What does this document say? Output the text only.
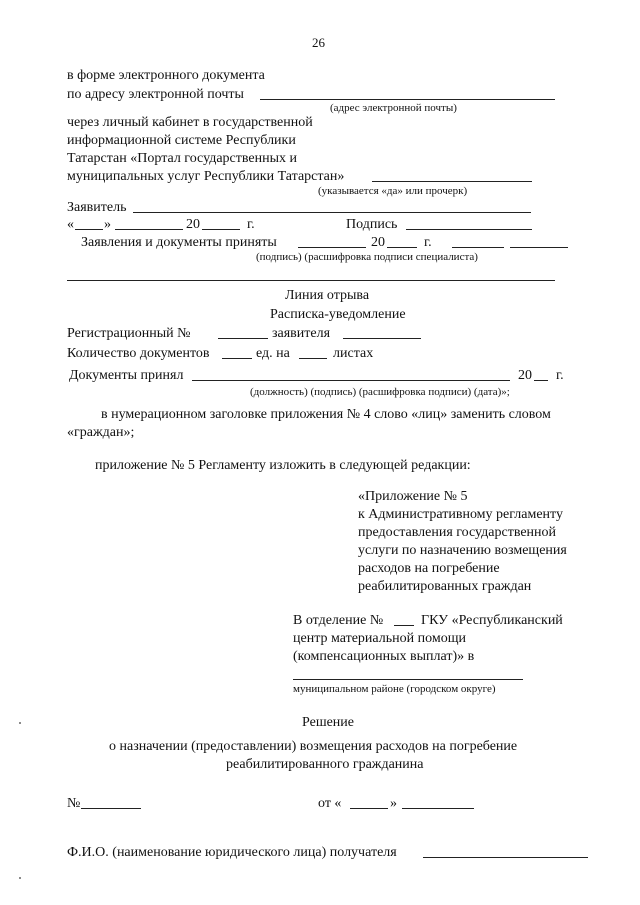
26
в форме электронного документа
по адресу электронной почты
(адрес электронной почты)
через личный кабинет в государственной
информационной системе Республики
Татарстан «Портал государственных и
муниципальных услуг Республики Татарстан»
(указывается «да» или прочерк)
Заявитель
« »	20	г.	Подпись
Заявления и документы приняты	20	г.
(подпись) (расшифровка подписи специалиста)
Линия отрыва
Расписка-уведомление
Регистрационный №	заявителя
Количество документов	ед. на	листах
Документы принял	20 г.
(должность) (подпись) (расшифровка подписи) (дата)»;
в нумерационном заголовке приложения № 4 слово «лиц» заменить словом
«граждан»;
приложение № 5 Регламенту изложить в следующей редакции:
«Приложение № 5
к Административному регламенту
предоставления государственной
услуги по назначению возмещения
расходов на погребение
реабилитированных граждан
В отделение №	ГКУ «Республиканский
центр материальной помощи
(компенсационных выплат)» в
муниципальном районе (городском округе)
Решение
о назначении (предоставлении) возмещения расходов на погребение
реабилитированного гражданина
№	от «	»
Ф.И.О. (наименование юридического лица) получателя
